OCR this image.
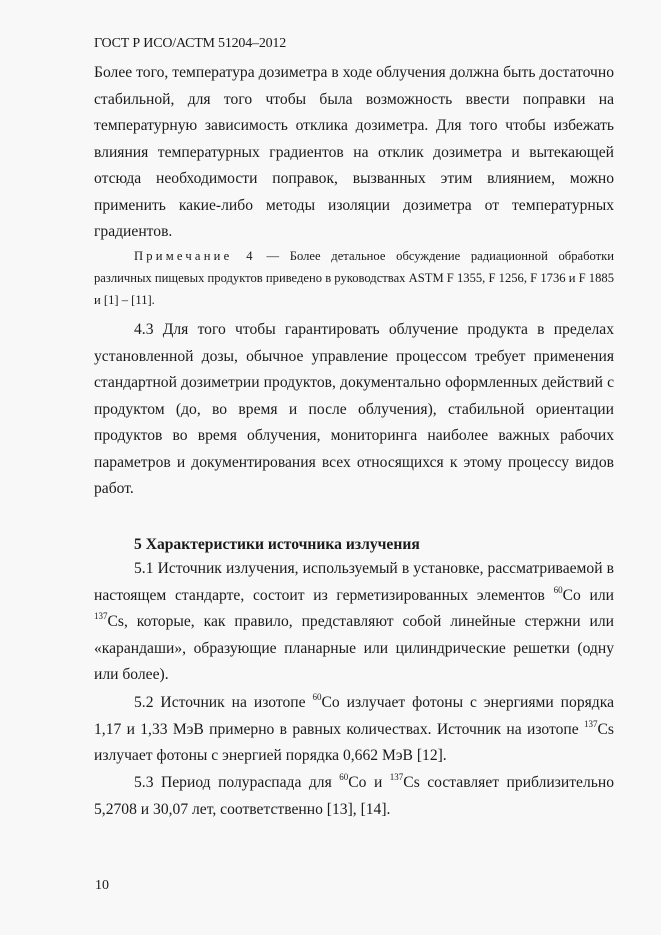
ГОСТ Р ИСО/АСТМ 51204–2012

Более того, температура дозиметра в ходе облучения должна быть достаточно стабильной, для того чтобы была возможность ввести поправки на температурную зависимость отклика дозиметра. Для того чтобы избежать влияния температурных градиентов на отклик дозиметра и вытекающей отсюда необходимости поправок, вызванных этим влиянием, можно применить какие-либо методы изоляции дозиметра от температурных градиентов.

Примечание 4 — Более детальное обсуждение радиационной обработки различных пищевых продуктов приведено в руководствах ASTM F 1355, F 1256, F 1736 и F 1885 и [1] – [11].

4.3 Для того чтобы гарантировать облучение продукта в пределах установленной дозы, обычное управление процессом требует применения стандартной дозиметрии продуктов, документально оформленных действий с продуктом (до, во время и после облучения), стабильной ориентации продуктов во время облучения, мониторинга наиболее важных рабочих параметров и документирования всех относящихся к этому процессу видов работ.

5 Характеристики источника излучения

5.1 Источник излучения, используемый в установке, рассматриваемой в настоящем стандарте, состоит из герметизированных элементов $^{60}$Co или $^{137}$Cs, которые, как правило, представляют собой линейные стержни или «карандаши», образующие планарные или цилиндрические решетки (одну или более).

5.2 Источник на изотопе $^{60}$Co излучает фотоны с энергиями порядка 1,17 и 1,33 МэВ примерно в равных количествах. Источник на изотопе $^{137}$Cs излучает фотоны с энергией порядка 0,662 МэВ [12].

5.3 Период полураспада для $^{60}$Co и $^{137}$Cs составляет приблизительно 5,2708 и 30,07 лет, соответственно [13], [14].

10
